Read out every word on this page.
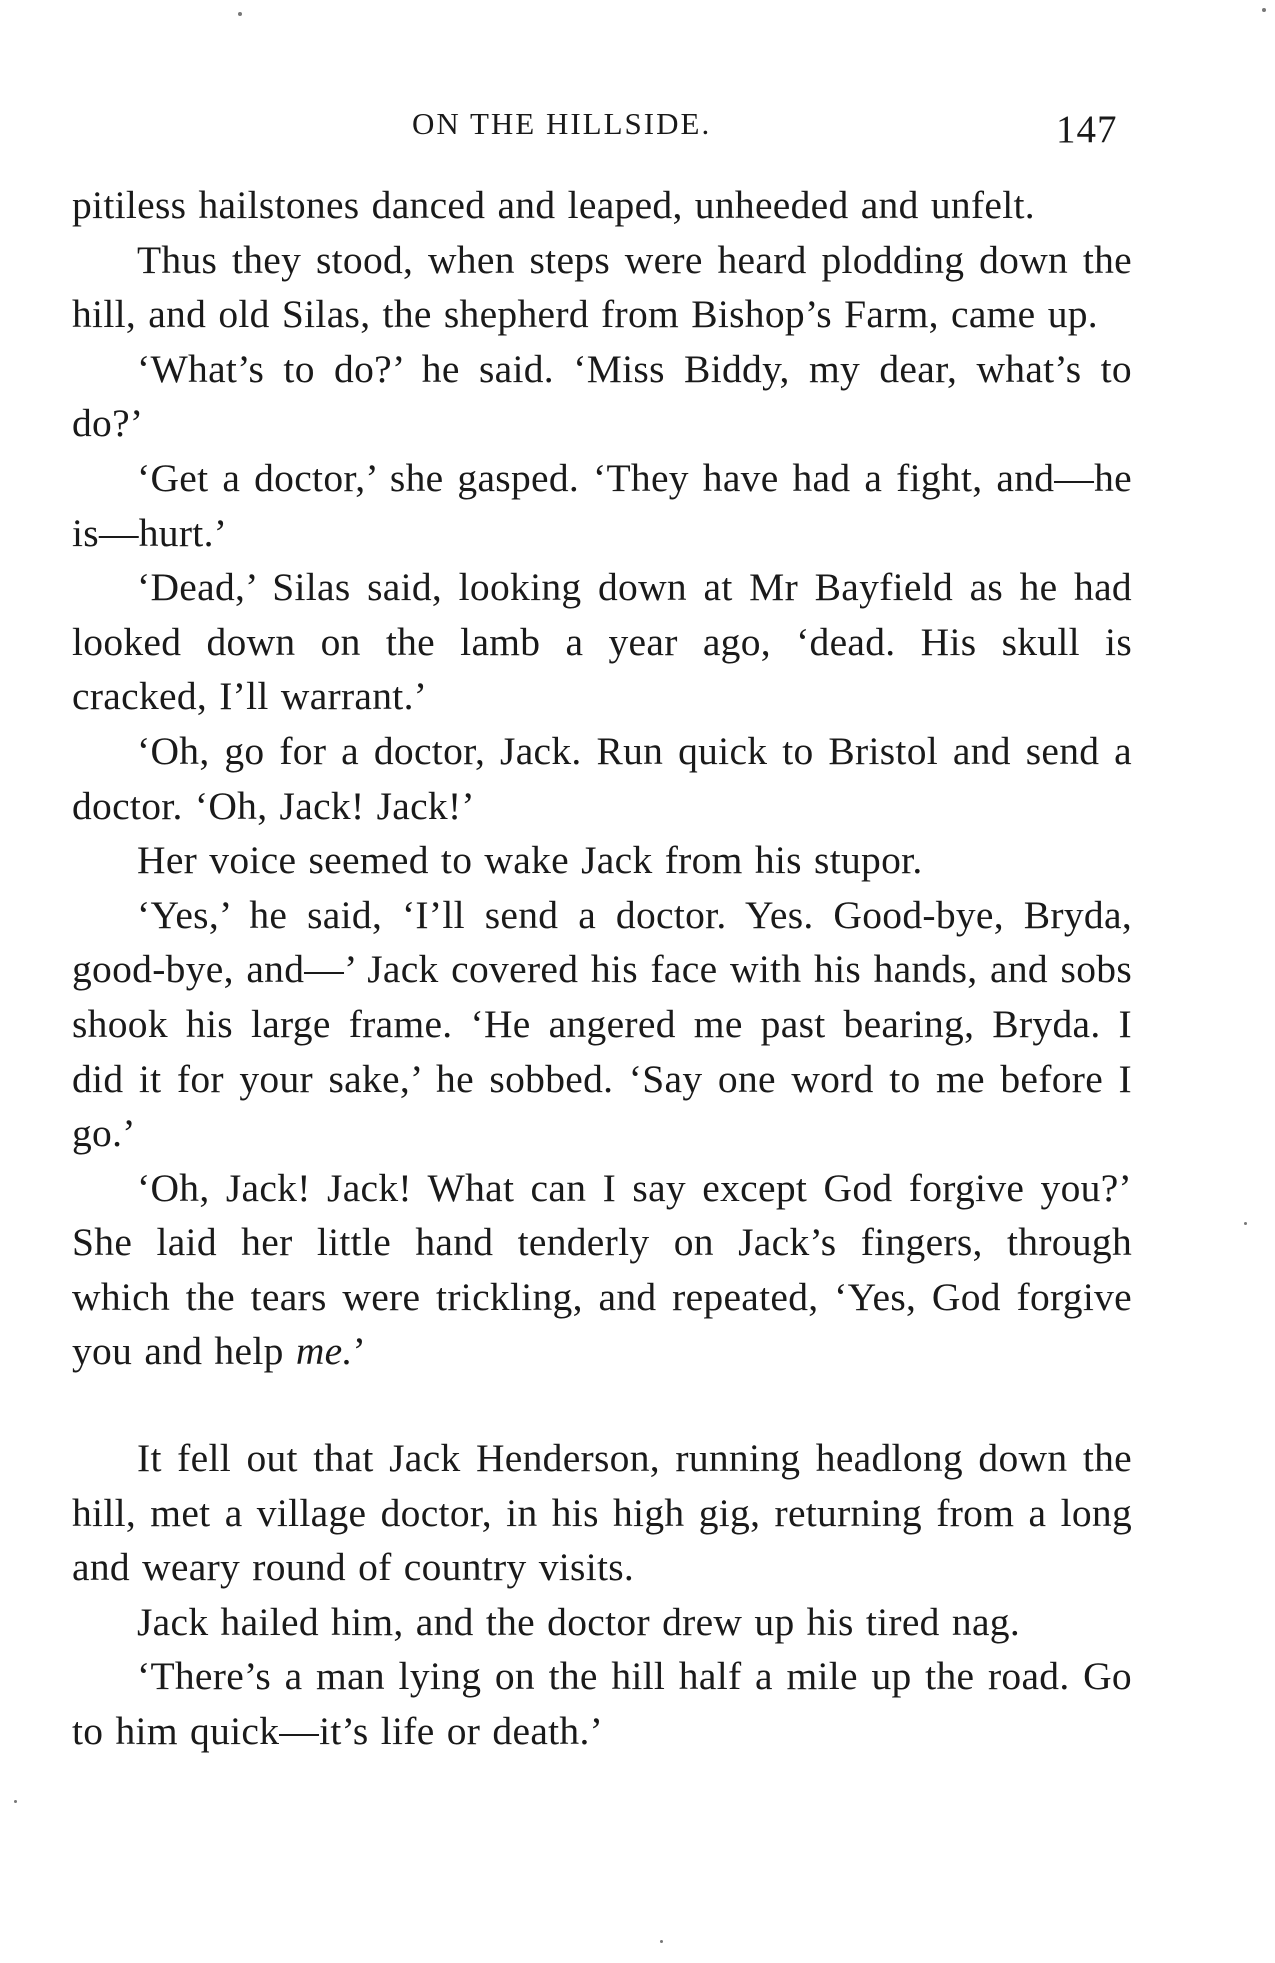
ON THE HILLSIDE.	147

pitiless hailstones danced and leaped, unheeded and unfelt.

Thus they stood, when steps were heard plodding down the hill, and old Silas, the shepherd from Bishop’s Farm, came up.

‘What’s to do?’ he said. ‘Miss Biddy, my dear, what’s to do?’

‘Get a doctor,’ she gasped. ‘They have had a fight, and—he is—hurt.’

‘Dead,’ Silas said, looking down at Mr Bayfield as he had looked down on the lamb a year ago, ‘dead. His skull is cracked, I’ll warrant.’

‘Oh, go for a doctor, Jack. Run quick to Bristol and send a doctor. ‘Oh, Jack! Jack!’

Her voice seemed to wake Jack from his stupor.

‘Yes,’ he said, ‘I’ll send a doctor. Yes. Good-bye, Bryda, good-bye, and—’ Jack covered his face with his hands, and sobs shook his large frame. ‘He angered me past bearing, Bryda. I did it for your sake,’ he sobbed. ‘Say one word to me before I go.’

‘Oh, Jack! Jack! What can I say except God forgive you?’ She laid her little hand tenderly on Jack’s fingers, through which the tears were trickling, and repeated, ‘Yes, God forgive you and help me.’

It fell out that Jack Henderson, running headlong down the hill, met a village doctor, in his high gig, returning from a long and weary round of country visits.

Jack hailed him, and the doctor drew up his tired nag.

‘There’s a man lying on the hill half a mile up the road. Go to him quick—it’s life or death.’
